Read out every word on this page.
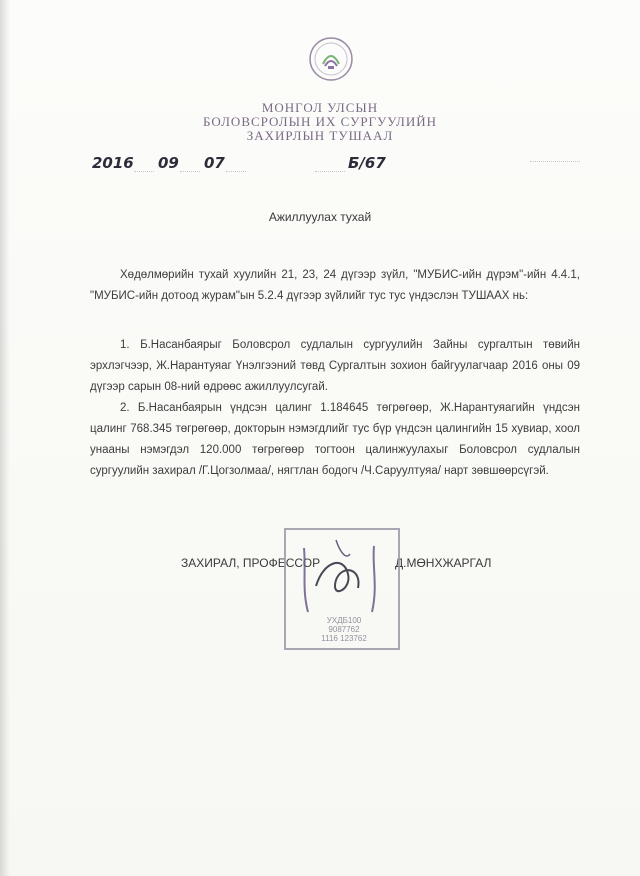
МОНГОЛ УЛСЫН
БОЛОВСРОЛЫН ИХ СУРГУУЛИЙН
ЗАХИРЛЫН ТУШААЛ
2016 09 07	Б/67
Ажиллуулах тухай
Хөдөлмөрийн тухай хуулийн 21, 23, 24 дүгээр зүйл, "МУБИС-ийн дүрэм"-ийн 4.4.1, "МУБИС-ийн дотоод журам"ын 5.2.4 дүгээр зүйлийг тус тус үндэслэн ТУШААХ нь:
1. Б.Насанбаярыг Боловсрол судлалын сургуулийн Зайны сургалтын төвийн эрхлэгчээр, Ж.Нарантуяаг Үнэлгээний төвд Сургалтын зохион байгуулагчаар 2016 оны 09 дүгээр сарын 08-ний өдрөөс ажиллуулсугай.
2. Б.Насанбаярын үндсэн цалинг 1.184645 төгрөгөөр, Ж.Нарантуяагийн үндсэн цалинг 768.345 төгрөгөөр, докторын нэмэгдлийг тус бүр үндсэн цалингийн 15 хувиар, хоол унааны нэмэгдэл 120.000 төгрөгөөр тогтоон цалинжуулахыг Боловсрол судлалын сургуулийн захирал /Г.Цогзолмаа/, нягтлан бодогч /Ч.Саруултуяа/ нарт зөвшөөрсүгэй.
ЗАХИРАЛ, ПРОФЕССОР	Д.МӨНХЖАРГАЛ
УХДБ100 9087762
1116 123762
